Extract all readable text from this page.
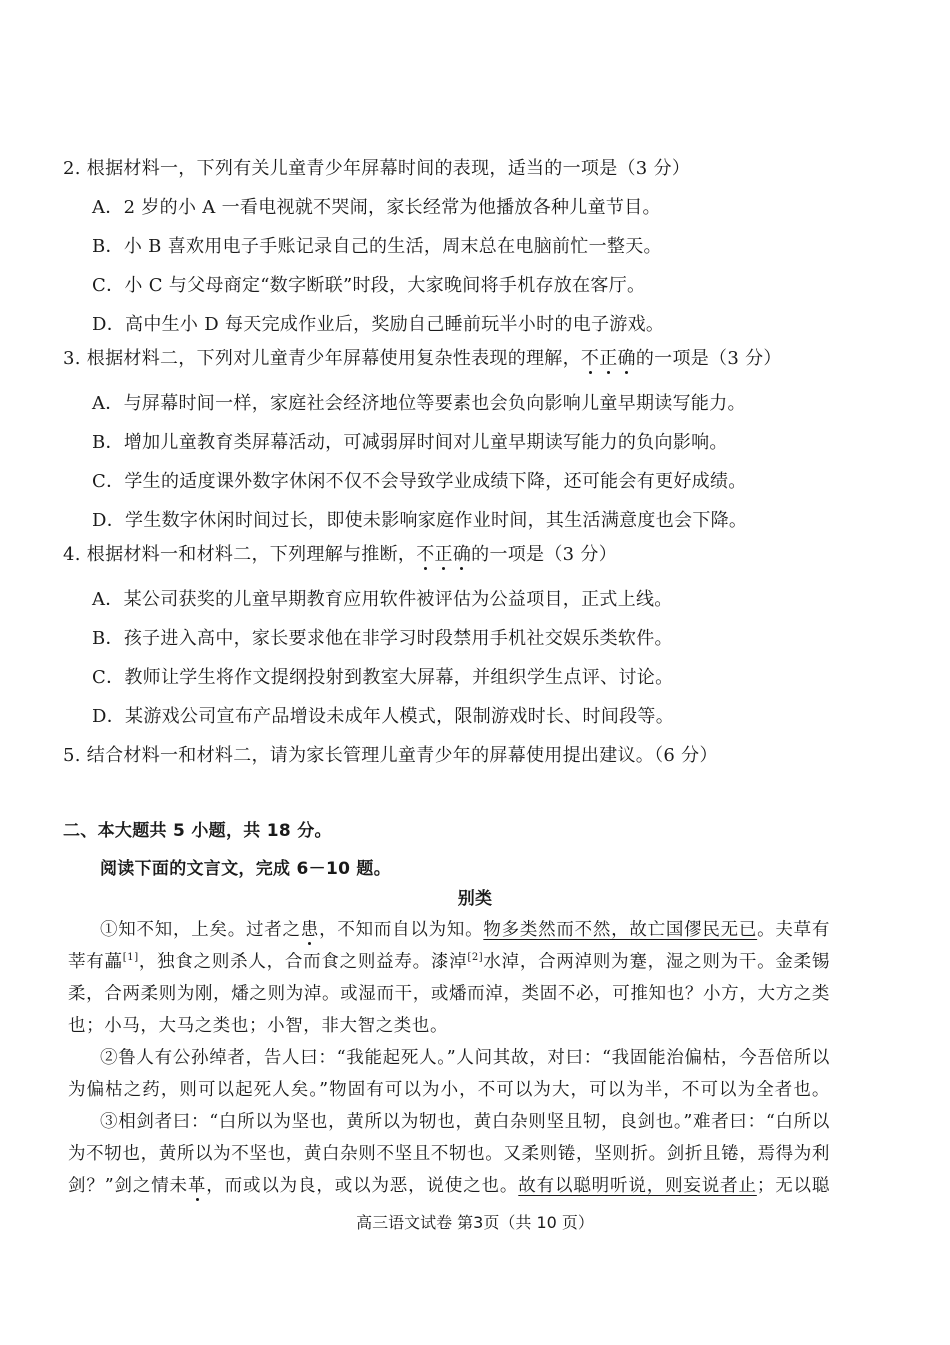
2. 根据材料一，下列有关儿童青少年屏幕时间的表现，适当的一项是（3 分）
A．2 岁的小 A 一看电视就不哭闹，家长经常为他播放各种儿童节目。
B．小 B 喜欢用电子手账记录自己的生活，周末总在电脑前忙一整天。
C．小 C 与父母商定“数字断联”时段，大家晚间将手机存放在客厅。
D．高中生小 D 每天完成作业后，奖励自己睡前玩半小时的电子游戏。
3. 根据材料二，下列对儿童青少年屏幕使用复杂性表现的理解，不正确的一项是（3 分）
A．与屏幕时间一样，家庭社会经济地位等要素也会负向影响儿童早期读写能力。
B．增加儿童教育类屏幕活动，可减弱屏时间对儿童早期读写能力的负向影响。
C．学生的适度课外数字休闲不仅不会导致学业成绩下降，还可能会有更好成绩。
D．学生数字休闲时间过长，即使未影响家庭作业时间，其生活满意度也会下降。
4. 根据材料一和材料二，下列理解与推断，不正确的一项是（3 分）
A．某公司获奖的儿童早期教育应用软件被评估为公益项目，正式上线。
B．孩子进入高中，家长要求他在非学习时段禁用手机社交娱乐类软件。
C．教师让学生将作文提纲投射到教室大屏幕，并组织学生点评、讨论。
D．某游戏公司宣布产品增设未成年人模式，限制游戏时长、时间段等。
5. 结合材料一和材料二，请为家长管理儿童青少年的屏幕使用提出建议。（6 分）
二、本大题共 5 小题，共 18 分。
阅读下面的文言文，完成 6－10 题。
别类
①知不知，上矣。过者之患，不知而自以为知。物多类然而不然，故亡国僇民无已。夫草有
莘有藟[1]，独食之则杀人，合而食之则益寿。漆淖[2]水淖，合两淖则为蹇，湿之则为干。金柔锡
柔，合两柔则为刚，燔之则为淖。或湿而干，或燔而淖，类固不必，可推知也？小方，大方之类
也；小马，大马之类也；小智，非大智之类也。
②鲁人有公孙绰者，告人曰：“我能起死人。”人问其故，对曰：“我固能治偏枯，今吾倍所以
为偏枯之药，则可以起死人矣。”物固有可以为小，不可以为大，可以为半，不可以为全者也。
③相剑者曰：“白所以为坚也，黄所以为牣也，黄白杂则坚且牣，良剑也。”难者曰：“白所以
为不牣也，黄所以为不坚也，黄白杂则不坚且不牣也。又柔则锩，坚则折。剑折且锩，焉得为利
剑？”剑之情未革，而或以为良，或以为恶，说使之也。故有以聪明听说，则妄说者止；无以聪
高三语文试卷 第3页（共 10 页）
